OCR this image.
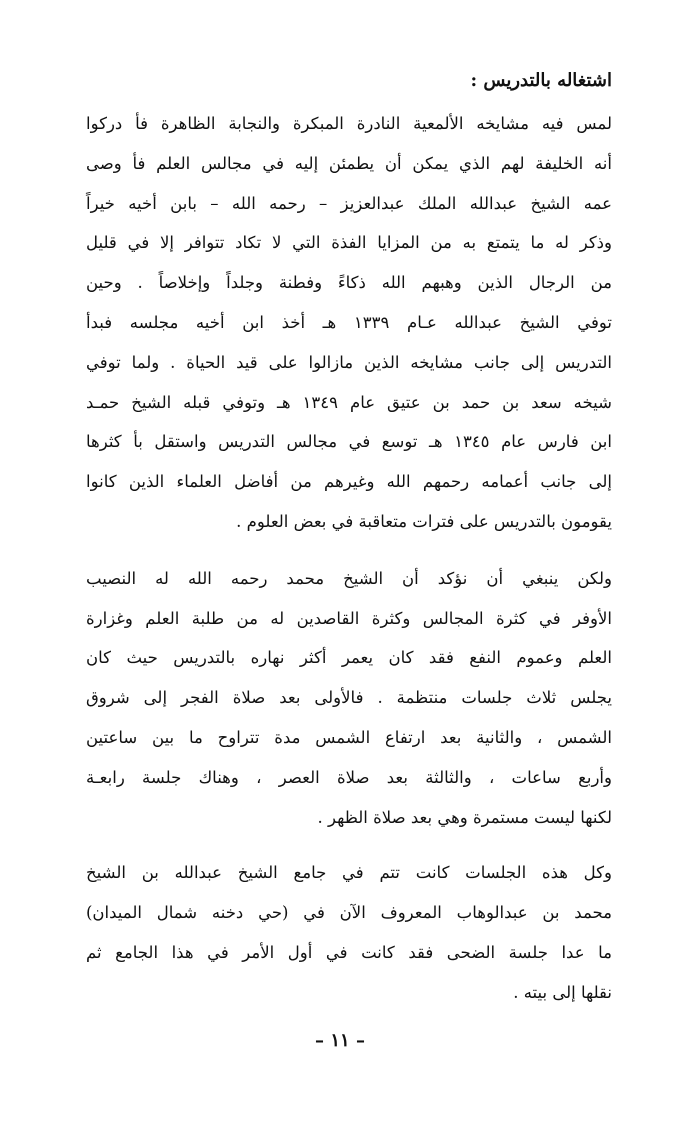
اشتغاله بالتدريس :

لمس فيه مشايخه الألمعية النادرة المبكرة والنجابة الظاهرة فأ دركوا

أنه الخليفة لهم الذي يمكن أن يطمئن إليه في مجالس العلم فأ وصى

عمه الشيخ عبدالله الملك عبدالعزيز – رحمه الله – بابن أخيه خيراً

وذكر له ما يتمتع به من المزايا الفذة التي لا تكاد تتوافر إلا في قليل

من الرجال الذين وهبهم الله ذكاءً وفطنة وجلداً وإخلاصاً . وحين

توفي الشيخ عبدالله عـام ١٣٣٩ هـ أخذ ابن أخيه مجلسه فبدأ

التدريس إلى جانب مشايخه الذين مازالوا على قيد الحياة . ولما توفي

شيخه سعد بن حمد بن عتيق عام ١٣٤٩ هـ وتوفي قبله الشيخ حمـد

ابن فارس عام ١٣٤٥ هـ توسع في مجالس التدريس واستقل بأ كثرها

إلى جانب أعمامه رحمهم الله وغيرهم من أفاضل العلماء الذين كانوا

يقومون بالتدريس على فترات متعاقبة في بعض العلوم .

ولكن ينبغي أن نؤكد أن الشيخ محمد رحمه الله له النصيب

الأوفر في كثرة المجالس وكثرة القاصدين له من طلبة العلم وغزارة

العلم وعموم النفع فقد كان يعمر أكثر نهاره بالتدريس حيث كان

يجلس ثلاث جلسات منتظمة . فالأولى بعد صلاة الفجر إلى شروق

الشمس ، والثانية بعد ارتفاع الشمس مدة تتراوح ما بين ساعتين

وأربع ساعات ، والثالثة بعد صلاة العصر ، وهناك جلسة رابعـة

لكنها ليست مستمرة وهي بعد صلاة الظهر .

وكل هذه الجلسات كانت تتم في جامع الشيخ عبدالله بن الشيخ

محمد بن عبدالوهاب المعروف الآن في (حي دخنه شمال الميدان)

ما عدا جلسة الضحى فقد كانت في أول الأمر في هذا الجامع ثم

نقلها إلى بيته .

– ١١ –
